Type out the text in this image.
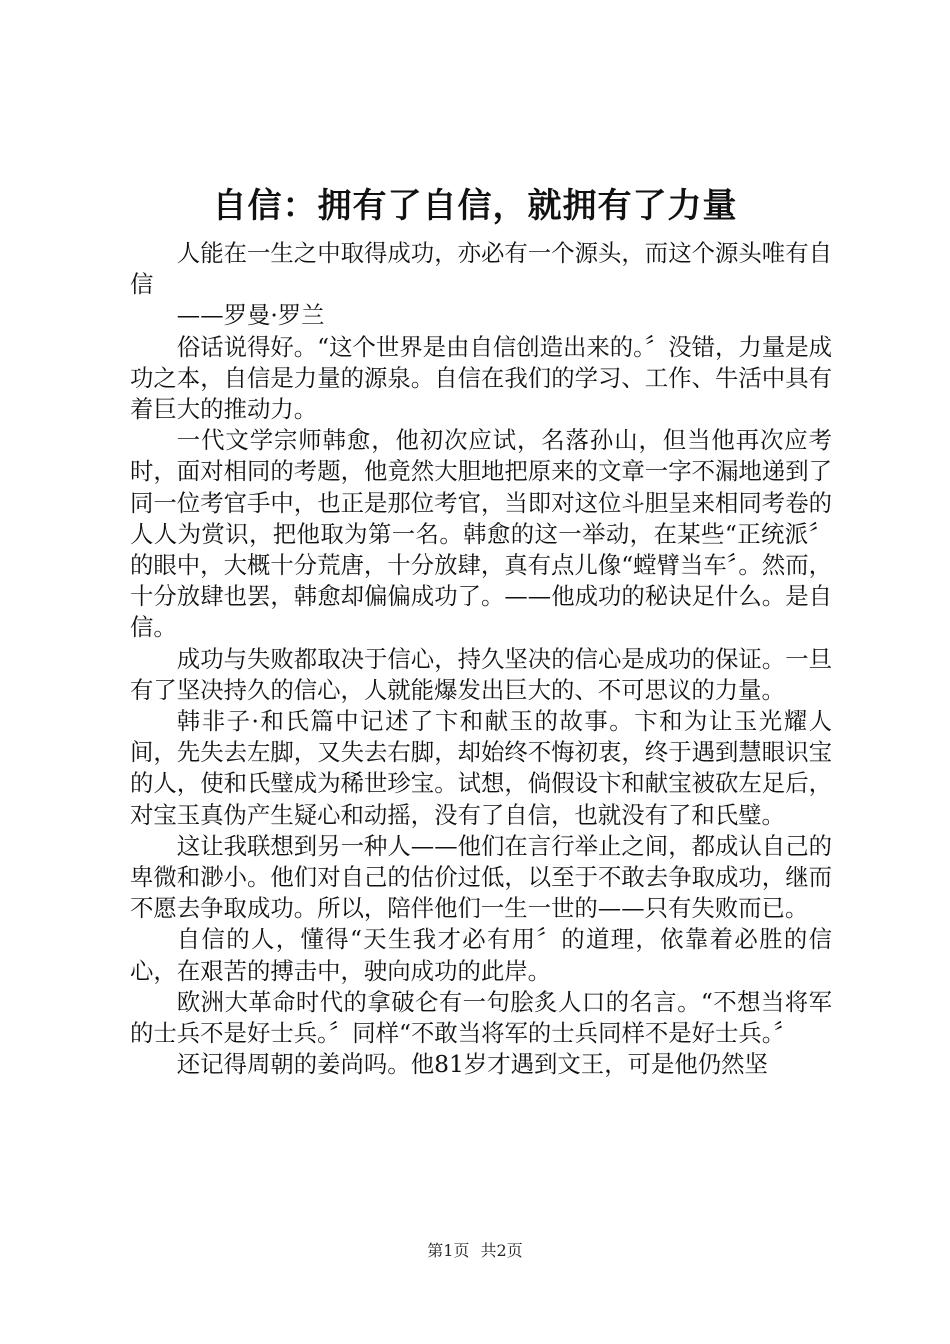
自信：拥有了自信，就拥有了力量

人能在一生之中取得成功，亦必有一个源头，而这个源头唯有自信

——罗曼·罗兰

俗话说得好。“这个世界是由自信创造出来的。〞没错，力量是成功之本，自信是力量的源泉。自信在我们的学习、工作、牛活中具有着巨大的推动力。

一代文学宗师韩愈，他初次应试，名落孙山，但当他再次应考时，面对相同的考题，他竟然大胆地把原来的文章一字不漏地递到了同一位考官手中，也正是那位考官，当即对这位斗胆呈来相同考卷的人人为赏识，把他取为第一名。韩愈的这一举动，在某些“正统派〞的眼中，大概十分荒唐，十分放肆，真有点儿像“螳臂当车〞。然而，十分放肆也罢，韩愈却偏偏成功了。——他成功的秘诀足什么。是自信。

成功与失败都取决于信心，持久坚决的信心是成功的保证。一旦有了坚决持久的信心，人就能爆发出巨大的、不可思议的力量。

韩非子·和氏篇中记述了卞和献玉的故事。卞和为让玉光耀人间，先失去左脚，又失去右脚，却始终不悔初衷，终于遇到慧眼识宝的人，使和氏璧成为稀世珍宝。试想，倘假设卞和献宝被砍左足后，对宝玉真伪产生疑心和动摇，没有了自信，也就没有了和氏璧。

这让我联想到另一种人——他们在言行举止之间，都成认自己的卑微和渺小。他们对自己的估价过低，以至于不敢去争取成功，继而不愿去争取成功。所以，陪伴他们一生一世的——只有失败而已。

自信的人，懂得“天生我才必有用〞的道理，依靠着必胜的信心，在艰苦的搏击中，驶向成功的此岸。

欧洲大革命时代的拿破仑有一句脍炙人口的名言。“不想当将军的士兵不是好士兵。〞同样“不敢当将军的士兵同样不是好士兵。〞

还记得周朝的姜尚吗。他81岁才遇到文王，可是他仍然坚

第1页 共2页
